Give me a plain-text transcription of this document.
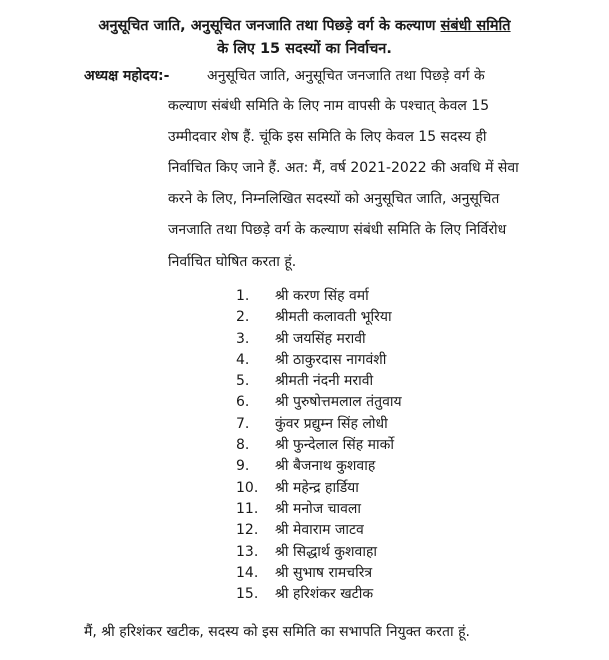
अनुसूचित जाति, अनुसूचित जनजाति तथा पिछड़े वर्ग के कल्याण संबंधी समिति
के लिए 15 सदस्यों का निर्वाचन.
अध्यक्ष महोदय:-	अनुसूचित जाति, अनुसूचित जनजाति तथा पिछड़े वर्ग के
कल्याण संबंधी समिति के लिए नाम वापसी के पश्चात् केवल 15
उम्मीदवार शेष हैं. चूंकि इस समिति के लिए केवल 15 सदस्य ही
निर्वाचित किए जाने हैं. अत: मैं, वर्ष 2021-2022 की अवधि में सेवा
करने के लिए, निम्नलिखित सदस्यों को अनुसूचित जाति, अनुसूचित
जनजाति तथा पिछड़े वर्ग के कल्याण संबंधी समिति के लिए निर्विरोध
निर्वाचित घोषित करता हूं.
1.	श्री करण सिंह वर्मा
2.	श्रीमती कलावती भूरिया
3.	श्री जयसिंह मरावी
4.	श्री ठाकुरदास नागवंशी
5.	श्रीमती नंदनी मरावी
6.	श्री पुरुषोत्तमलाल तंतुवाय
7.	कुंवर प्रद्युम्न सिंह लोधी
8.	श्री फुन्देलाल सिंह मार्को
9.	श्री बैजनाथ कुशवाह
10.	श्री महेन्द्र हार्डिया
11.	श्री मनोज चावला
12.	श्री मेवाराम जाटव
13.	श्री सिद्धार्थ कुशवाहा
14.	श्री सुभाष रामचरित्र
15.	श्री हरिशंकर खटीक
मैं, श्री हरिशंकर खटीक, सदस्य को इस समिति का सभापति नियुक्त करता हूं.
